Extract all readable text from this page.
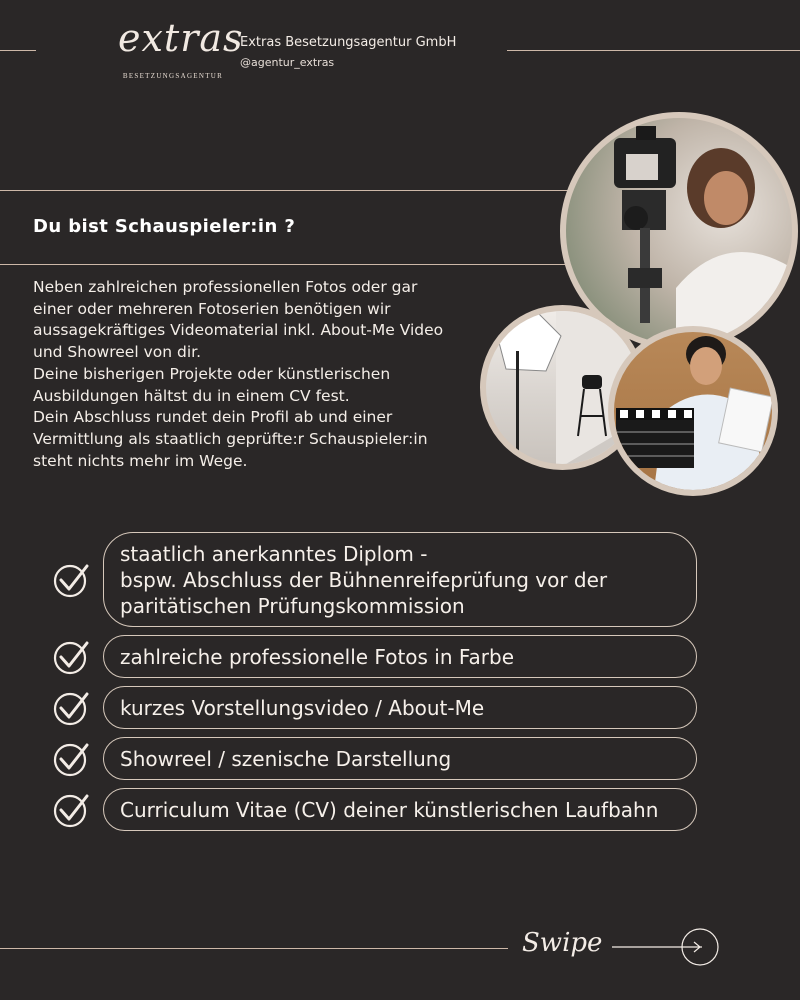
extras
BESETZUNGSAGENTUR
Extras Besetzungsagentur GmbH
@agentur_extras
Du bist Schauspieler:in ?

Neben zahlreichen professionellen Fotos oder gar

einer oder mehreren Fotoserien benötigen wir

aussagekräftiges Videomaterial inkl. About-Me Video

und Showreel von dir.

Deine bisherigen Projekte oder künstlerischen

Ausbildungen hältst du in einem CV fest.

Dein Abschluss rundet dein Profil ab und einer

Vermittlung als staatlich geprüfte:r Schauspieler:in

steht nichts mehr im Wege.

staatlich anerkanntes Diplom -
bspw. Abschluss der Bühnenreifeprüfung vor der
paritätischen Prüfungskommission
zahlreiche professionelle Fotos in Farbe
kurzes Vorstellungsvideo / About-Me
Showreel / szenische Darstellung
Curriculum Vitae (CV) deiner künstlerischen Laufbahn
Swipe
